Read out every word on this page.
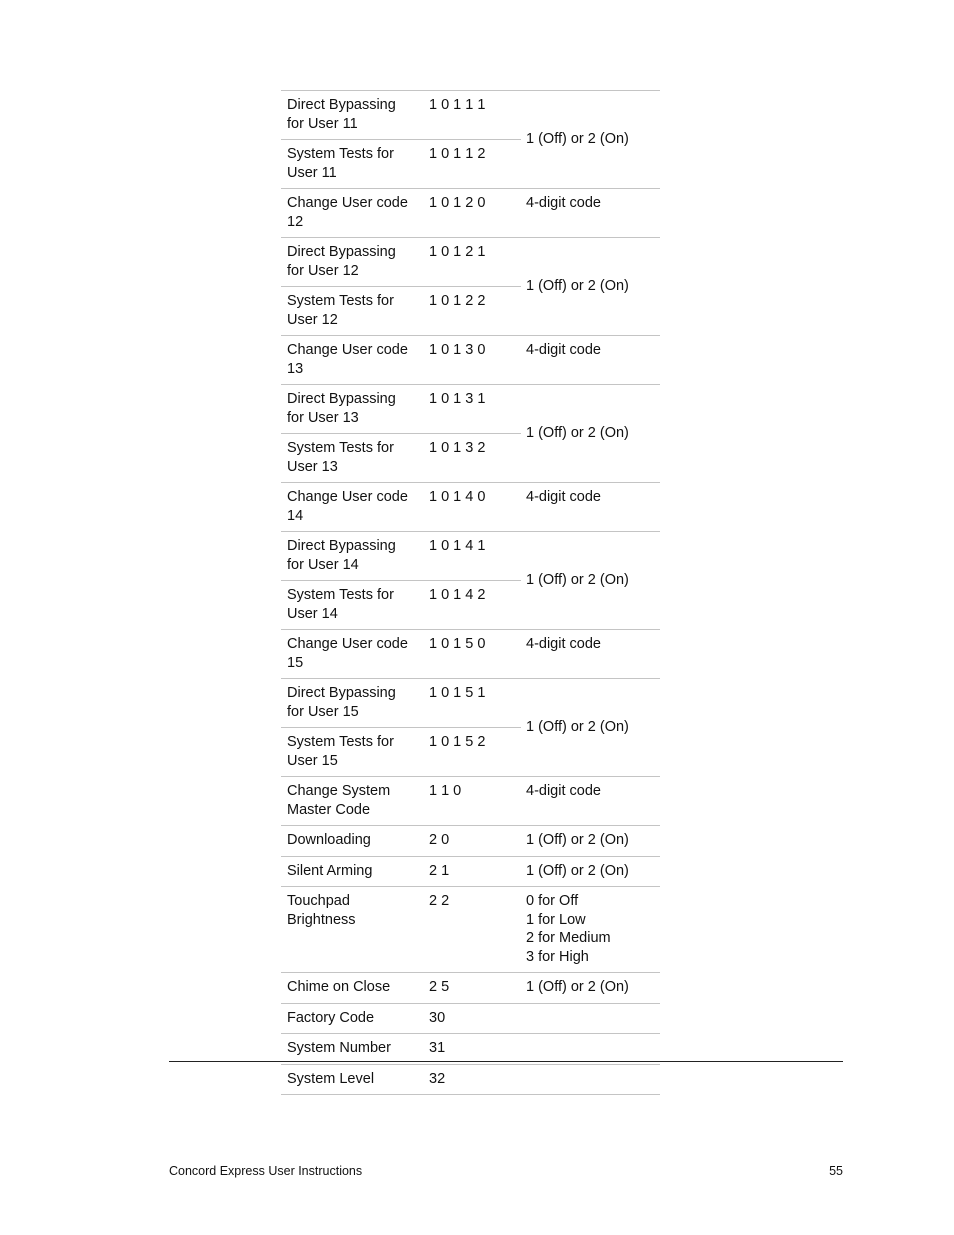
Direct Bypassing for User 11	1 0 1 1 1	1 (Off) or 2 (On)

System Tests for User 11	1 0 1 1 2	
Change User code 12	1 0 1 2 0	4-digit code

Direct Bypassing for User 12	1 0 1 2 1	1 (Off) or 2 (On)

System Tests for User 12	1 0 1 2 2	
Change User code 13	1 0 1 3 0	4-digit code

Direct Bypassing for User 13	1 0 1 3 1	1 (Off) or 2 (On)

System Tests for User 13	1 0 1 3 2	
Change User code 14	1 0 1 4 0	4-digit code

Direct Bypassing for User 14	1 0 1 4 1	1 (Off) or 2 (On)

System Tests for User 14	1 0 1 4 2	
Change User code 15	1 0 1 5 0	4-digit code

Direct Bypassing for User 15	1 0 1 5 1	1 (Off) or 2 (On)

System Tests for User 15	1 0 1 5 2	
Change System Master Code	1 1 0	4-digit code

Downloading	2 0	1 (Off) or 2 (On)

Silent Arming	2 1	1 (Off) or 2 (On)

Touchpad Brightness	2 2	0 for Off
1 for Low
2 for Medium
3 for High

Chime on Close	2 5	1 (Off) or 2 (On)

Factory Code	30	
System Number	31	
System Level	32	
Concord Express User Instructions	55
